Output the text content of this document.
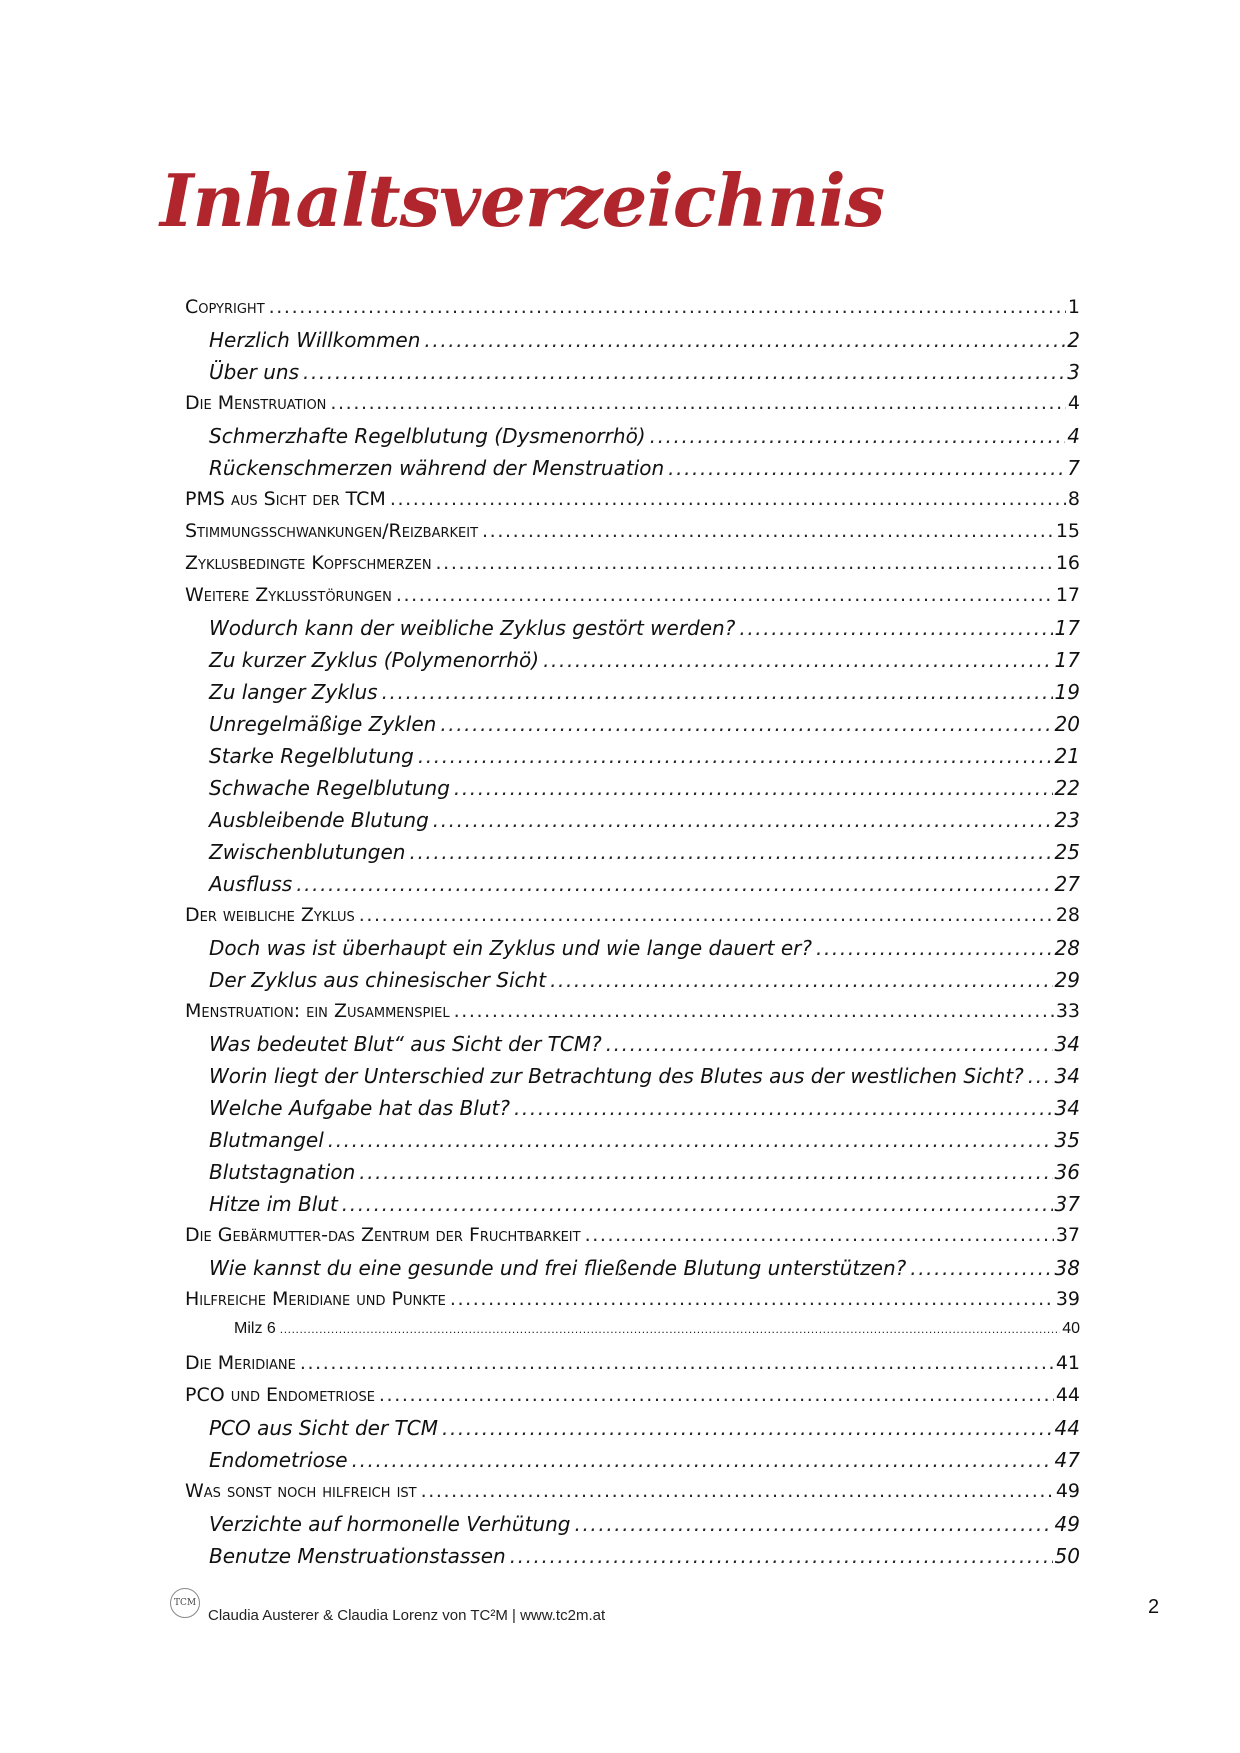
Inhaltsverzeichnis
Copyright .....	1
Herzlich Willkommen .....	2
Über uns .....	3
Die Menstruation .....	4
Schmerzhafte Regelblutung (Dysmenorrhö) .....	4
Rückenschmerzen während der Menstruation .....	7
PMS aus Sicht der TCM .....	8
Stimmungsschwankungen/Reizbarkeit .....	15
Zyklusbedingte Kopfschmerzen .....	16
Weitere Zyklusstörungen .....	17
Wodurch kann der weibliche Zyklus gestört werden? .....	17
Zu kurzer Zyklus (Polymenorrhö) .....	17
Zu langer Zyklus .....	19
Unregelmäßige Zyklen .....	20
Starke Regelblutung .....	21
Schwache Regelblutung .....	22
Ausbleibende Blutung .....	23
Zwischenblutungen .....	25
Ausfluss .....	27
Der weibliche Zyklus .....	28
Doch was ist überhaupt ein Zyklus und wie lange dauert er? .....	28
Der Zyklus aus chinesischer Sicht .....	29
Menstruation: ein Zusammenspiel .....	33
Was bedeutet Blut“ aus Sicht der TCM? .....	34
Worin liegt der Unterschied zur Betrachtung des Blutes aus der westlichen Sicht? ..... 34
Welche Aufgabe hat das Blut? .....	34
Blutmangel .....	35
Blutstagnation .....	36
Hitze im Blut .....	37
Die Gebärmutter-das Zentrum der Fruchtbarkeit .....	37
Wie kannst du eine gesunde und frei fließende Blutung unterstützen? .....	38
Hilfreiche Meridiane und Punkte .....	39
Milz 6 .....	40
Die Meridiane .....	41
PCO und Endometriose .....	44
PCO aus Sicht der TCM .....	44
Endometriose .....	47
Was sonst noch hilfreich ist .....	49
Verzichte auf hormonelle Verhütung .....	49
Benutze Menstruationstassen .....	50
2
TCM
Claudia Austerer & Claudia Lorenz von TC²M | www.tc2m.at
